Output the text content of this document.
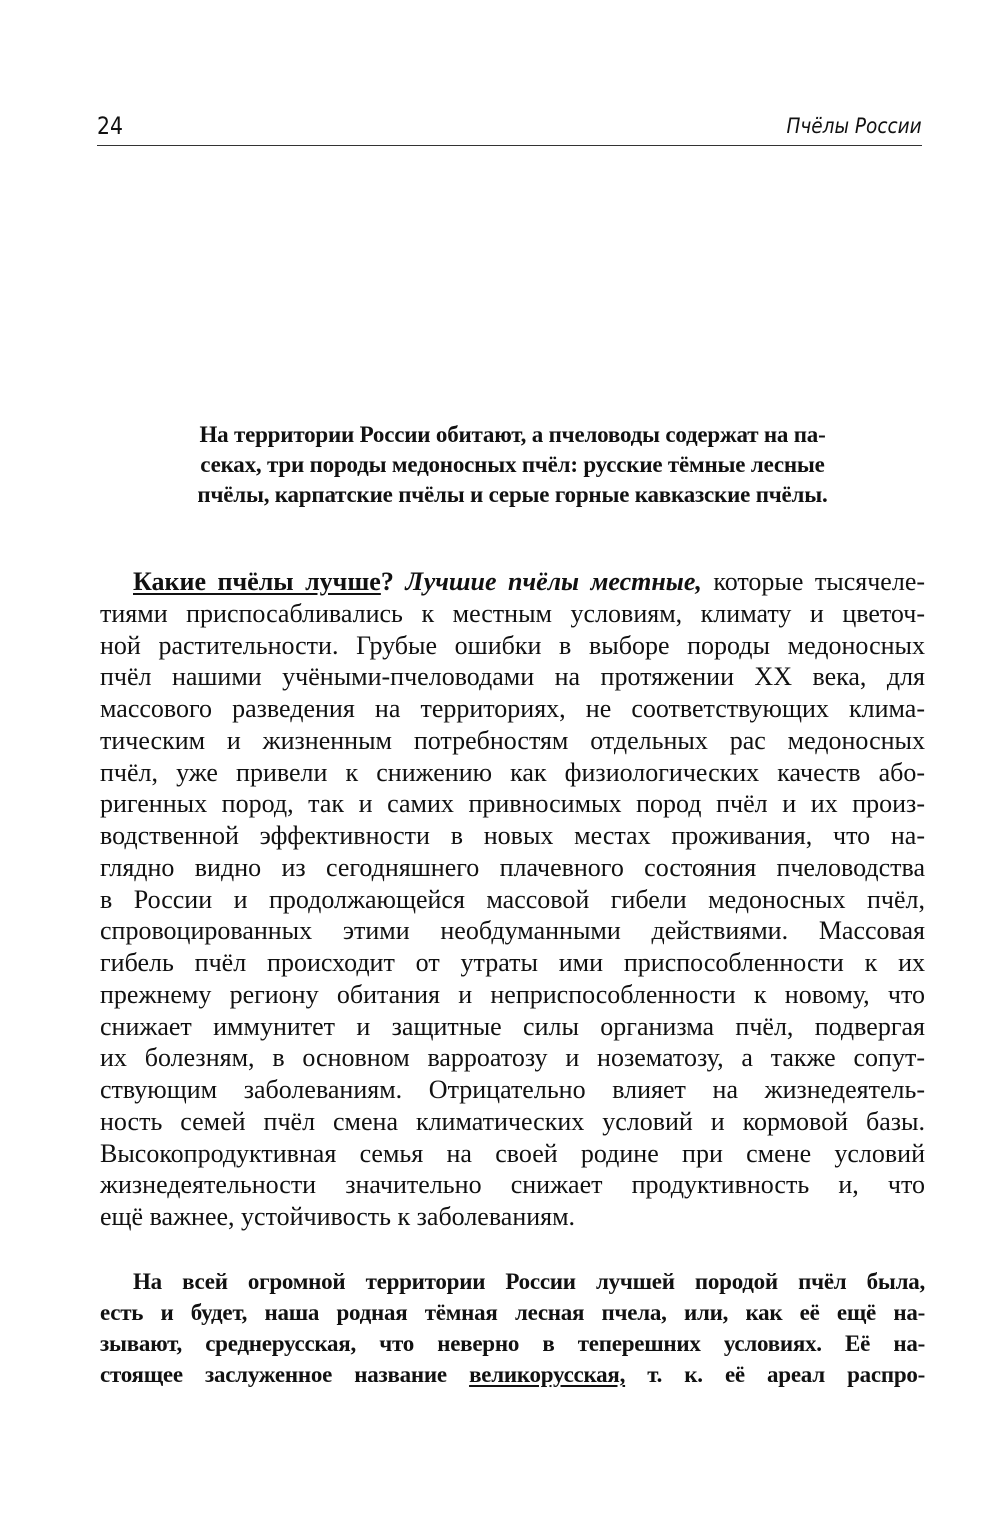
24	Пчёлы России
На территории России обитают, а пчеловоды содержат на па-
секах, три породы медоносных пчёл: русские тёмные лесные
пчёлы, карпатские пчёлы и серые горные кавказские пчёлы.
Какие пчёлы лучше? Лучшие пчёлы местные, которые тысячеле-
тиями приспосабливались к местным условиям, климату и цветоч-
ной растительности. Грубые ошибки в выборе породы медоносных
пчёл нашими учёными-пчеловодами на протяжении XX века, для
массового разведения на территориях, не соответствующих клима-
тическим и жизненным потребностям отдельных рас медоносных
пчёл, уже привели к снижению как физиологических качеств або-
ригенных пород, так и самих привносимых пород пчёл и их произ-
водственной эффективности в новых местах проживания, что на-
глядно видно из сегодняшнего плачевного состояния пчеловодства
в России и продолжающейся массовой гибели медоносных пчёл,
спровоцированных этими необдуманными действиями. Массовая
гибель пчёл происходит от утраты ими приспособленности к их
прежнему региону обитания и неприспособленности к новому, что
снижает иммунитет и защитные силы организма пчёл, подвергая
их болезням, в основном варроатозу и нозематозу, а также сопут-
ствующим заболеваниям. Отрицательно влияет на жизнедеятель-
ность семей пчёл смена климатических условий и кормовой базы.
Высокопродуктивная семья на своей родине при смене условий
жизнедеятельности значительно снижает продуктивность и, что
ещё важнее, устойчивость к заболеваниям.
На всей огромной территории России лучшей породой пчёл была,
есть и будет, наша родная тёмная лесная пчела, или, как её ещё на-
зывают, среднерусская, что неверно в теперешних условиях. Её на-
стоящее заслуженное название великорусская, т. к. её ареал распро-
